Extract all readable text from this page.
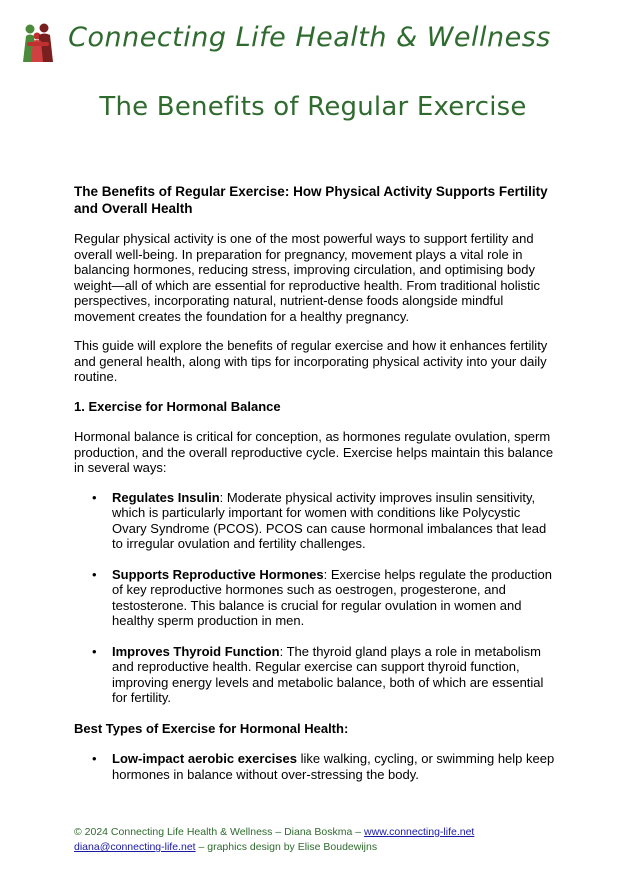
Connecting Life Health & Wellness
The Benefits of Regular Exercise
The Benefits of Regular Exercise: How Physical Activity Supports Fertility and Overall Health

Regular physical activity is one of the most powerful ways to support fertility and overall well-being. In preparation for pregnancy, movement plays a vital role in balancing hormones, reducing stress, improving circulation, and optimising body weight—all of which are essential for reproductive health. From traditional holistic perspectives, incorporating natural, nutrient-dense foods alongside mindful movement creates the foundation for a healthy pregnancy.

This guide will explore the benefits of regular exercise and how it enhances fertility and general health, along with tips for incorporating physical activity into your daily routine.

1. Exercise for Hormonal Balance

Hormonal balance is critical for conception, as hormones regulate ovulation, sperm production, and the overall reproductive cycle. Exercise helps maintain this balance in several ways:

• Regulates Insulin: Moderate physical activity improves insulin sensitivity, which is particularly important for women with conditions like Polycystic Ovary Syndrome (PCOS). PCOS can cause hormonal imbalances that lead to irregular ovulation and fertility challenges.
• Supports Reproductive Hormones: Exercise helps regulate the production of key reproductive hormones such as oestrogen, progesterone, and testosterone. This balance is crucial for regular ovulation in women and healthy sperm production in men.
• Improves Thyroid Function: The thyroid gland plays a role in metabolism and reproductive health. Regular exercise can support thyroid function, improving energy levels and metabolic balance, both of which are essential for fertility.
Best Types of Exercise for Hormonal Health:
• Low-impact aerobic exercises like walking, cycling, or swimming help keep hormones in balance without over-stressing the body.
© 2024 Connecting Life Health & Wellness – Diana Boskma – www.connecting-life.net
diana@connecting-life.net – graphics design by Elise Boudewijns
